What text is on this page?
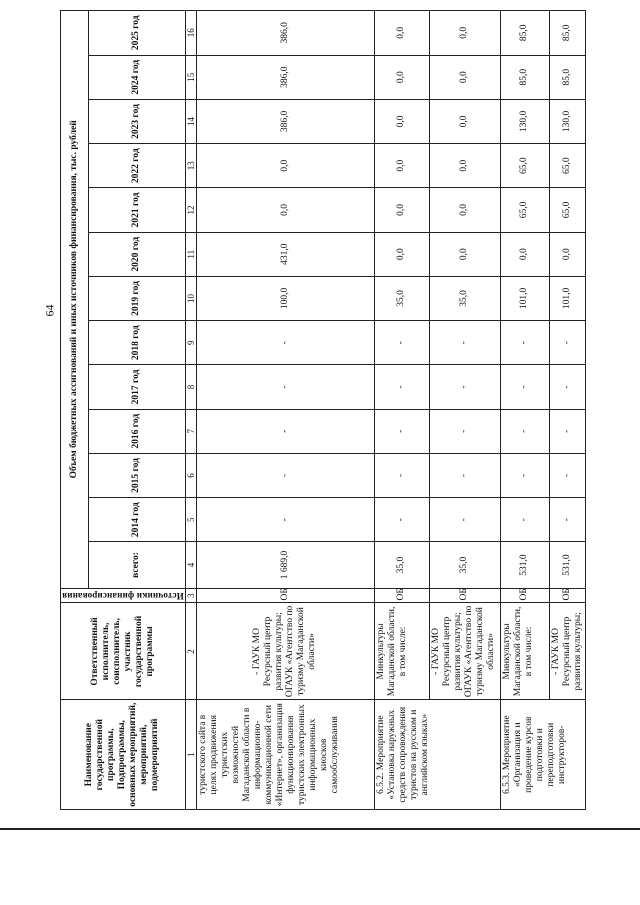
64
Наименование государственной программы, Подпрограммы, основных мероприятий, мероприятий, подмероприятий	Ответственный исполнитель, соисполнитель, участник государственной программы	Источники финансирования	Объем бюджетных ассигнований и иных источников финансирования, тыс. рублей												
			всего:	2014 год	2015 год	2016 год	2017 год	2018 год	2019 год	2020 год	2021 год	2022 год	2023 год	2024 год	2025 год
1	2	3	4	5	6	7	8	9	10	11	12	13	14	15	16
туристского сайта в целях продвижения туристских возможностей Магаданской области в информационно-коммуникационной сети «Интернет», организация функционирования туристских электронных информационных киосков самообслуживания	- ГАУК МО Ресурсный центр развития культуры; ОГАУК «Агентство по туризму Магаданской области»	ОБ	1 689,0	-	-	-	-	-	100,0	431,0	0,0	0,0	386,0	386,0	386,0
6.5.2. Мероприятие «Установка наружных средств сопровождения туристов на русском и английском языках»	Минкультуры Магаданской области, в том числе:	ОБ	35,0	-	-	-	-	-	35,0	0,0	0,0	0,0	0,0	0,0	0,0
	- ГАУК МО Ресурсный центр развития культуры; ОГАУК «Агентство по туризму Магаданской области»	ОБ	35,0	-	-	-	-	-	35,0	0,0	0,0	0,0	0,0	0,0	0,0
6.5.3. Мероприятие «Организация и проведение курсов подготовки и переподготовки инструкторов-	Минкультуры Магаданской области, в том числе:	ОБ	531,0	-	-	-	-	-	101,0	0,0	65,0	65,0	130,0	85,0	85,0
	- ГАУК МО Ресурсный центр развития культуры;	ОБ	531,0	-	-	-	-	-	101,0	0,0	65,0	65,0	130,0	85,0	85,0
